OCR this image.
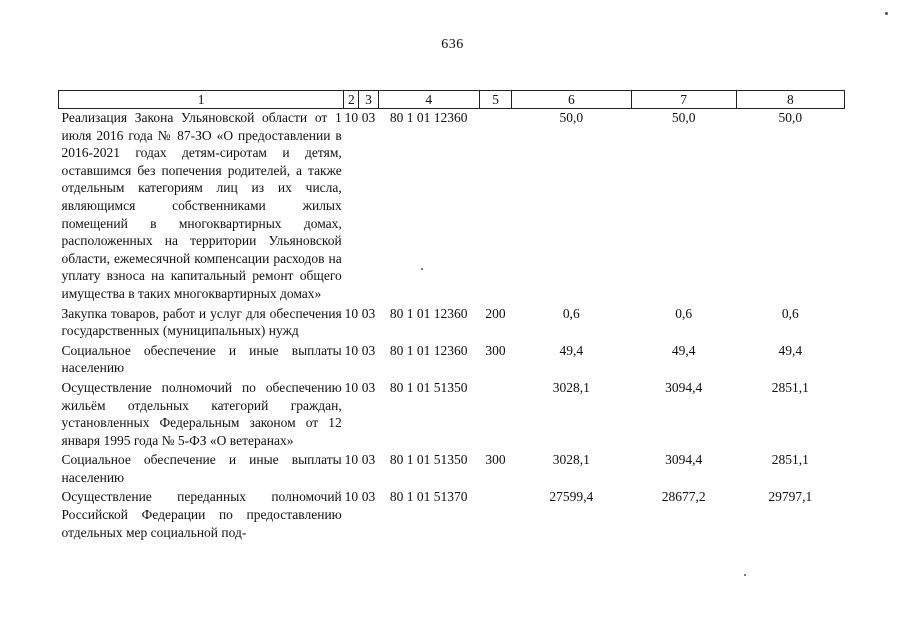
636
1	2	3	4	5	6	7	8
Реализация Закона Ульяновской области от 1 июля 2016 года № 87-ЗО «О предоставлении в 2016-2021 годах детям-сиротам и детям, оставшимся без попечения родителей, а также отдельным категориям лиц из их числа, являющимся собственниками жилых помещений в многоквартирных домах, расположенных на территории Ульяновской области, ежемесячной компенсации расходов на уплату взноса на капитальный ремонт общего имущества в таких многоквартирных домах»	10	03	80 1 01 12360		50,0	50,0	50,0
Закупка товаров, работ и услуг для обеспечения государственных (муниципальных) нужд	10	03	80 1 01 12360	200	0,6	0,6	0,6
Социальное обеспечение и иные выплаты населению	10	03	80 1 01 12360	300	49,4	49,4	49,4
Осуществление полномочий по обеспечению жильём отдельных категорий граждан, установленных Федеральным законом от 12 января 1995 года № 5-ФЗ «О ветеранах»	10	03	80 1 01 51350		3028,1	3094,4	2851,1
Социальное обеспечение и иные выплаты населению	10	03	80 1 01 51350	300	3028,1	3094,4	2851,1
Осуществление переданных полномочий Российской Федерации по предоставлению отдельных мер социальной под-	10	03	80 1 01 51370		27599,4	28677,2	29797,1
